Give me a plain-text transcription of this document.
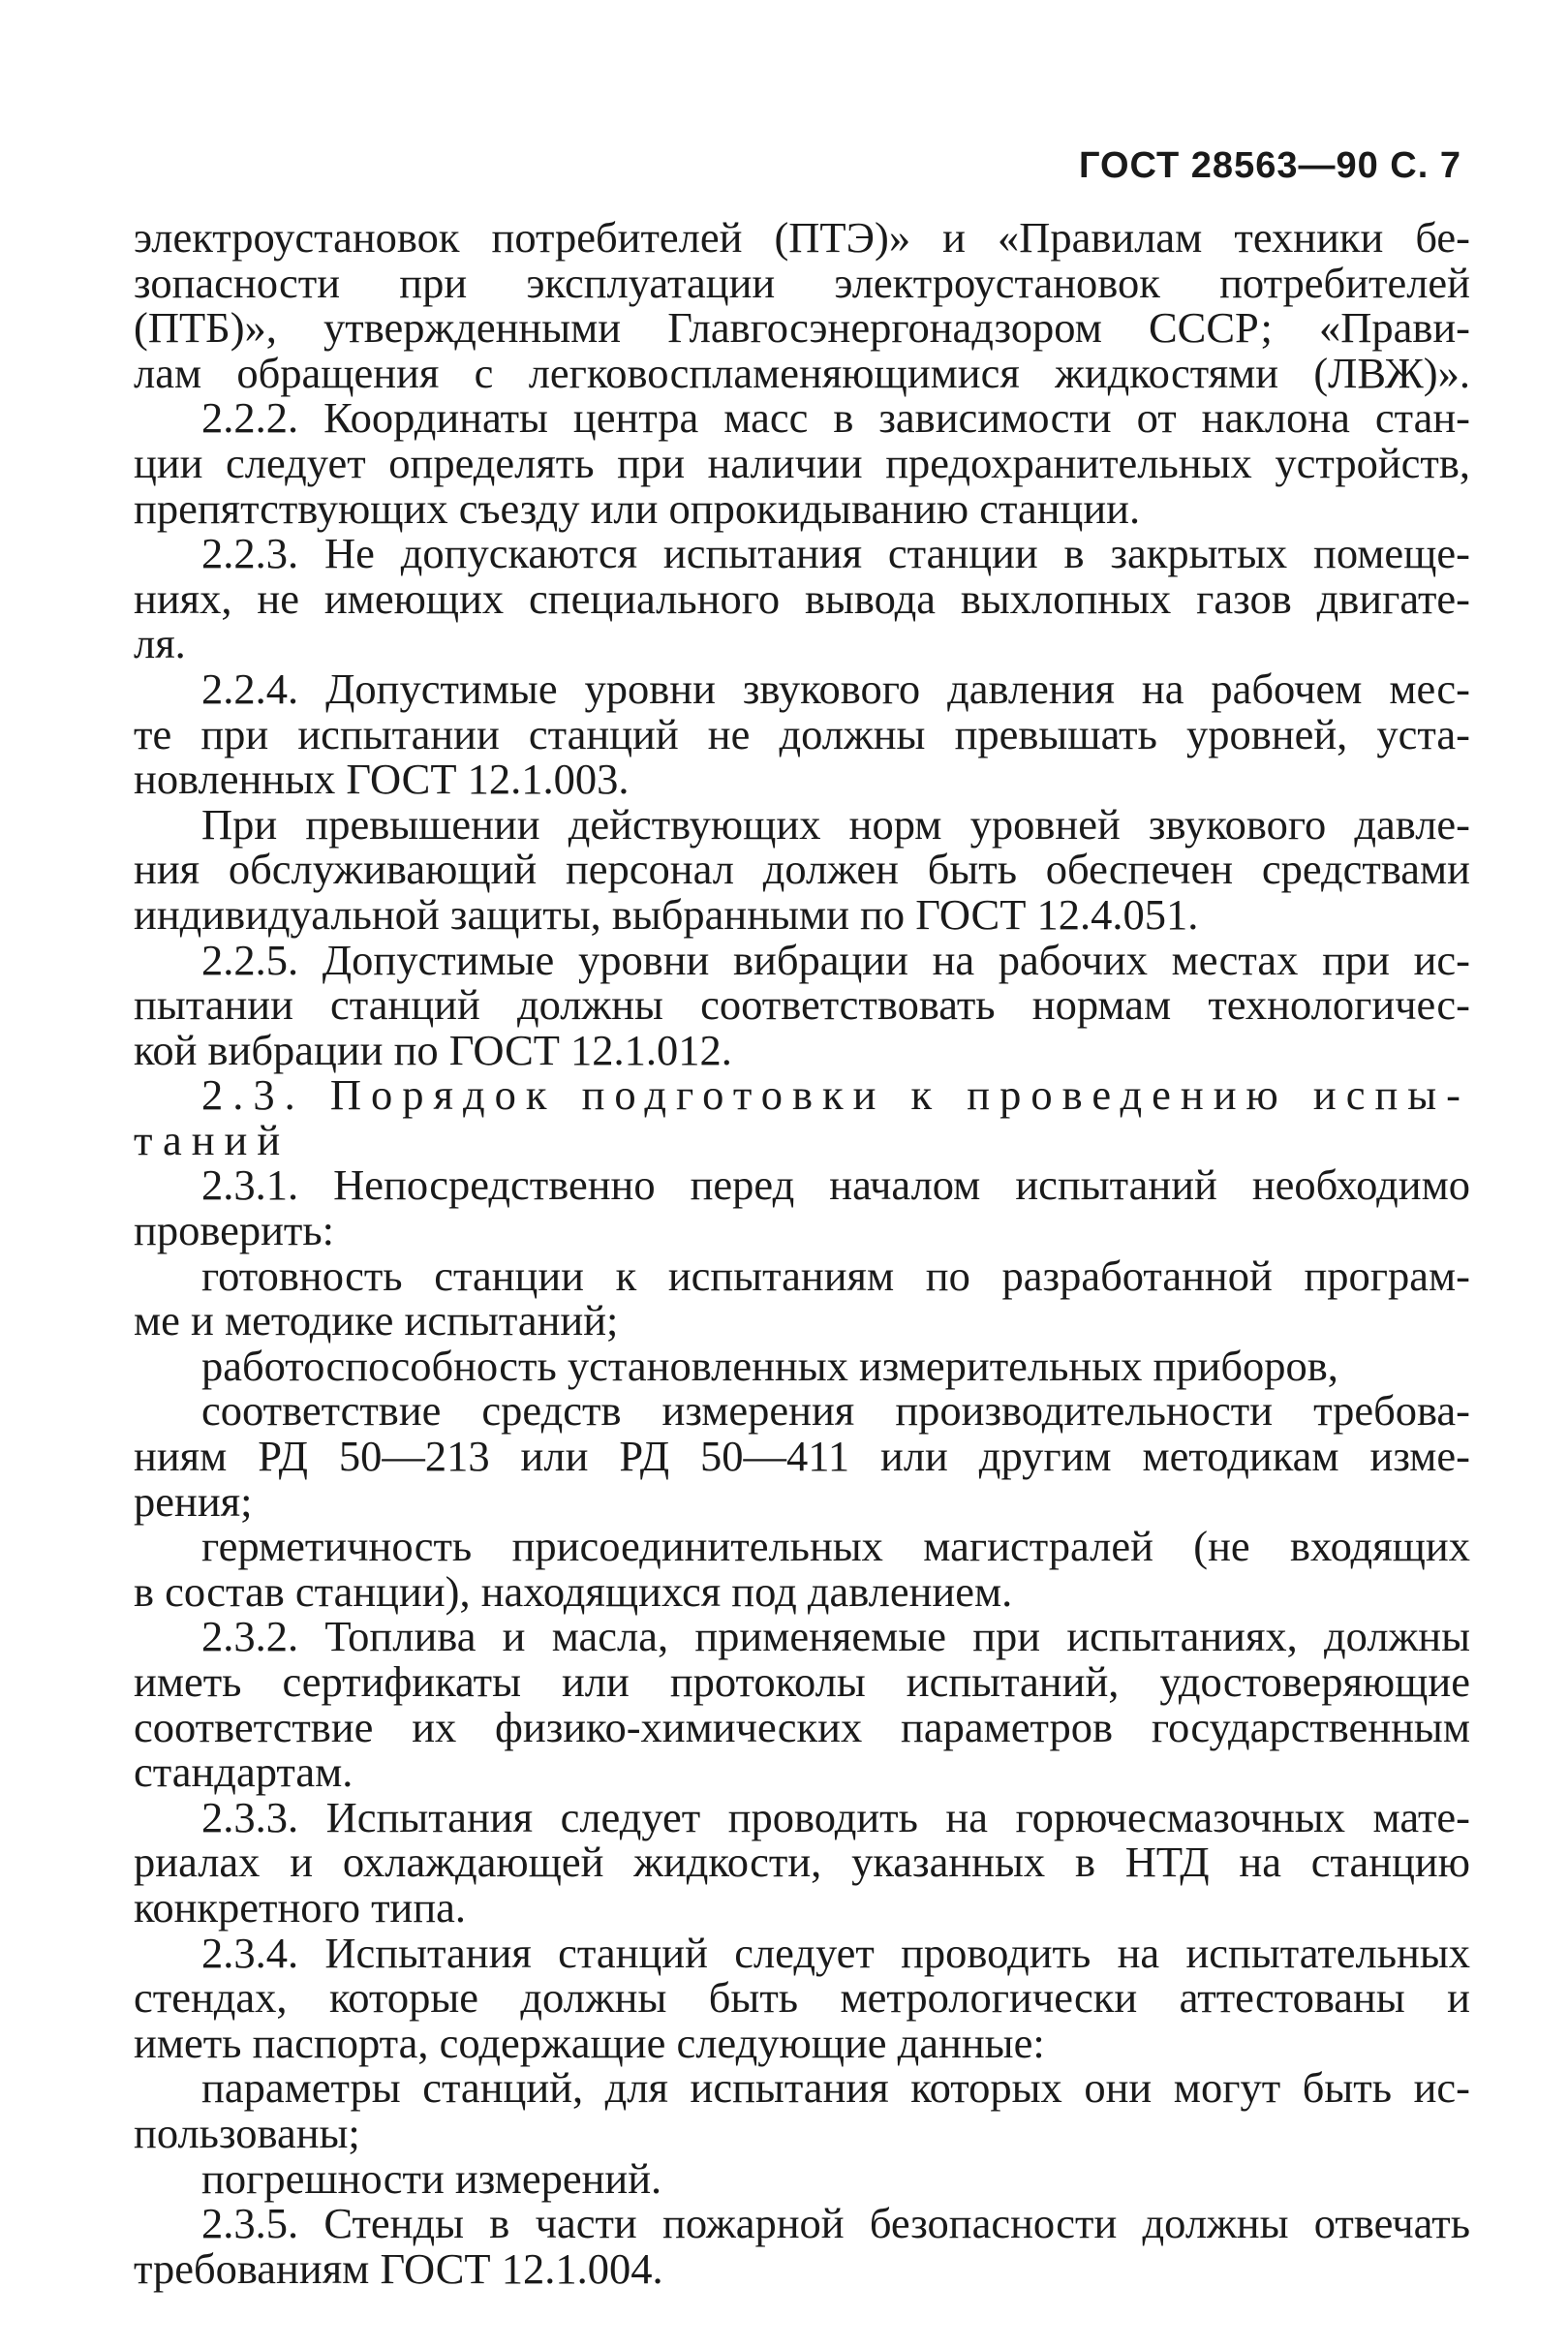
ГОСТ 28563—90 С. 7
электроустановок потребителей (ПТЭ)» и «Правилам техники бе-
зопасности при эксплуатации электроустановок потребителей
(ПТБ)», утвержденными Главгосэнергонадзором СССР; «Прави-
лам обращения с легковоспламеняющимися жидкостями (ЛВЖ)».
2.2.2. Координаты центра масс в зависимости от наклона стан-
ции следует определять при наличии предохранительных устройств,
препятствующих съезду или опрокидыванию станции.
2.2.3. Не допускаются испытания станции в закрытых помеще-
ниях, не имеющих специального вывода выхлопных газов двигате-
ля.
2.2.4. Допустимые уровни звукового давления на рабочем мес-
те при испытании станций не должны превышать уровней, уста-
новленных ГОСТ 12.1.003.
При превышении действующих норм уровней звукового давле-
ния обслуживающий персонал должен быть обеспечен средствами
индивидуальной защиты, выбранными по ГОСТ 12.4.051.
2.2.5. Допустимые уровни вибрации на рабочих местах при ис-
пытании станций должны соответствовать нормам технологичес-
кой вибрации по ГОСТ 12.1.012.
2.3. Порядок подготовки к проведению испы-
таний
2.3.1. Непосредственно перед началом испытаний необходимо
проверить:
готовность станции к испытаниям по разработанной програм-
ме и методике испытаний;
работоспособность установленных измерительных приборов,
соответствие средств измерения производительности требова-
ниям РД 50—213 или РД 50—411 или другим методикам изме-
рения;
герметичность присоединительных магистралей (не входящих
в состав станции), находящихся под давлением.
2.3.2. Топлива и масла, применяемые при испытаниях, должны
иметь сертификаты или протоколы испытаний, удостоверяющие
соответствие их физико-химических параметров государственным
стандартам.
2.3.3. Испытания следует проводить на горючесмазочных мате-
риалах и охлаждающей жидкости, указанных в НТД на станцию
конкретного типа.
2.3.4. Испытания станций следует проводить на испытательных
стендах, которые должны быть метрологически аттестованы и
иметь паспорта, содержащие следующие данные:
параметры станций, для испытания которых они могут быть ис-
пользованы;
погрешности измерений.
2.3.5. Стенды в части пожарной безопасности должны отвечать
требованиям ГОСТ 12.1.004.
